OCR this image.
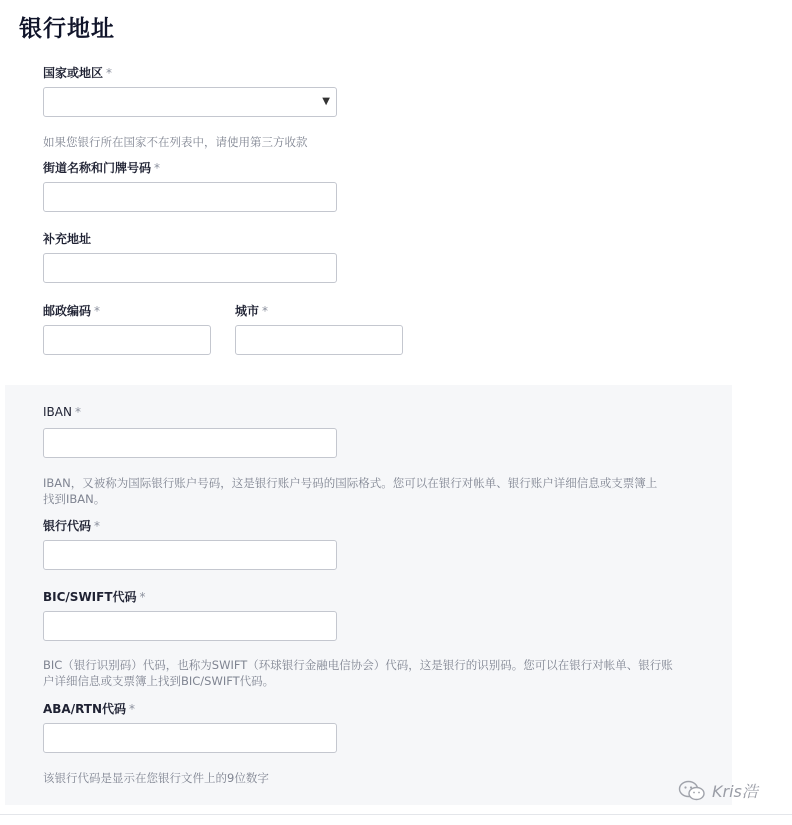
银行地址
国家或地区 *
▼
如果您银行所在国家不在列表中，请使用第三方收款
街道名称和门牌号码 *
补充地址
邮政编码 *	城市 *
IBAN *
IBAN，又被称为国际银行账户号码，这是银行账户号码的国际格式。您可以在银行对帐单、银行账户详细信息或支票簿上找到IBAN。
银行代码 *
BIC/SWIFT代码 *
BIC（银行识别码）代码，也称为SWIFT（环球银行金融电信协会）代码，这是银行的识别码。您可以在银行对帐单、银行账户详细信息或支票簿上找到BIC/SWIFT代码。
ABA/RTN代码 *
该银行代码是显示在您银行文件上的9位数字
Kris浩
